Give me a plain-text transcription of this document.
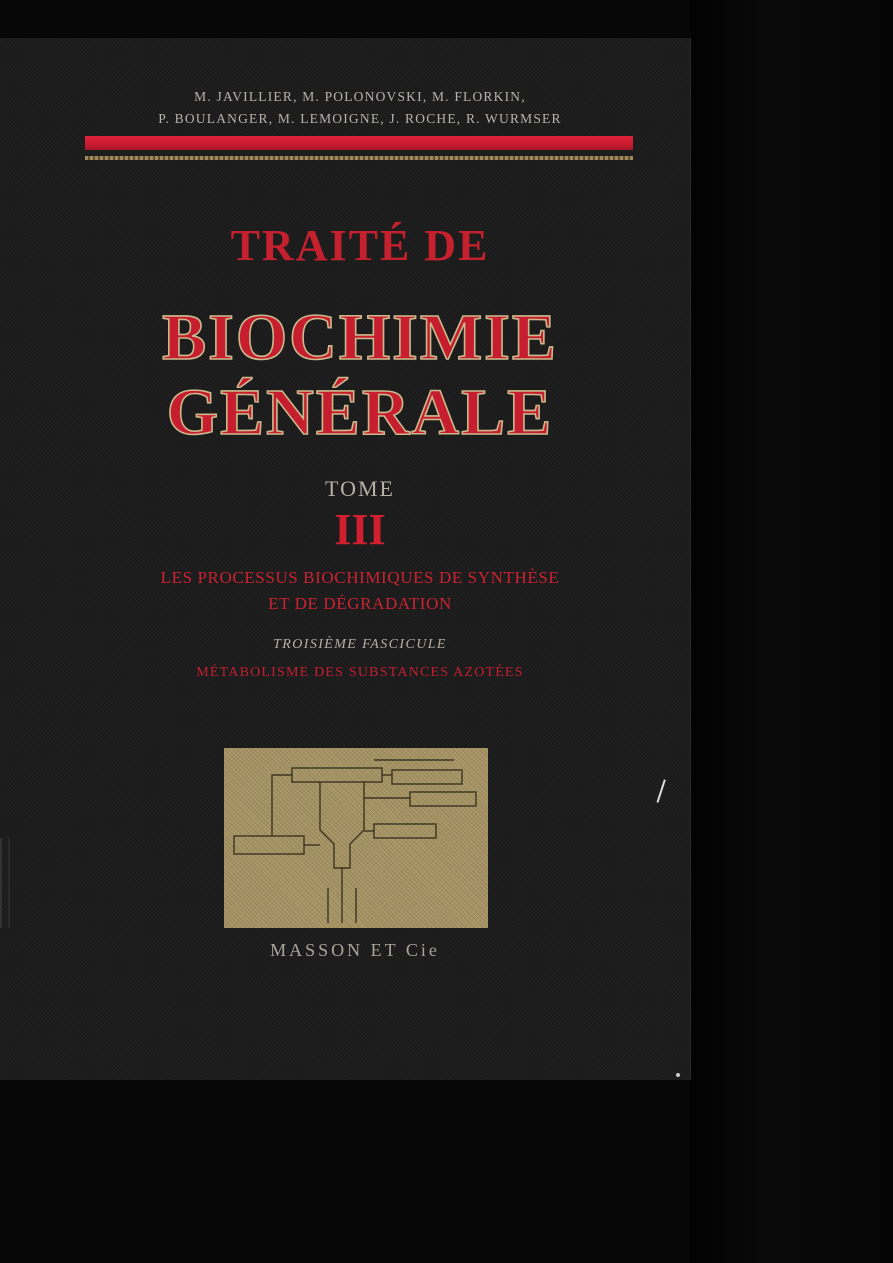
M. JAVILLIER, M. POLONOVSKI, M. FLORKIN,
P. BOULANGER, M. LEMOIGNE, J. ROCHE, R. WURMSER
TRAITÉ DE
BIOCHIMIE
GÉNÉRALE
TOME
III
LES PROCESSUS BIOCHIMIQUES DE SYNTHÈSE
ET DE DÉGRADATION
TROISIÈME FASCICULE
MÉTABOLISME DES SUBSTANCES AZOTÉES
MASSON ET Cie
